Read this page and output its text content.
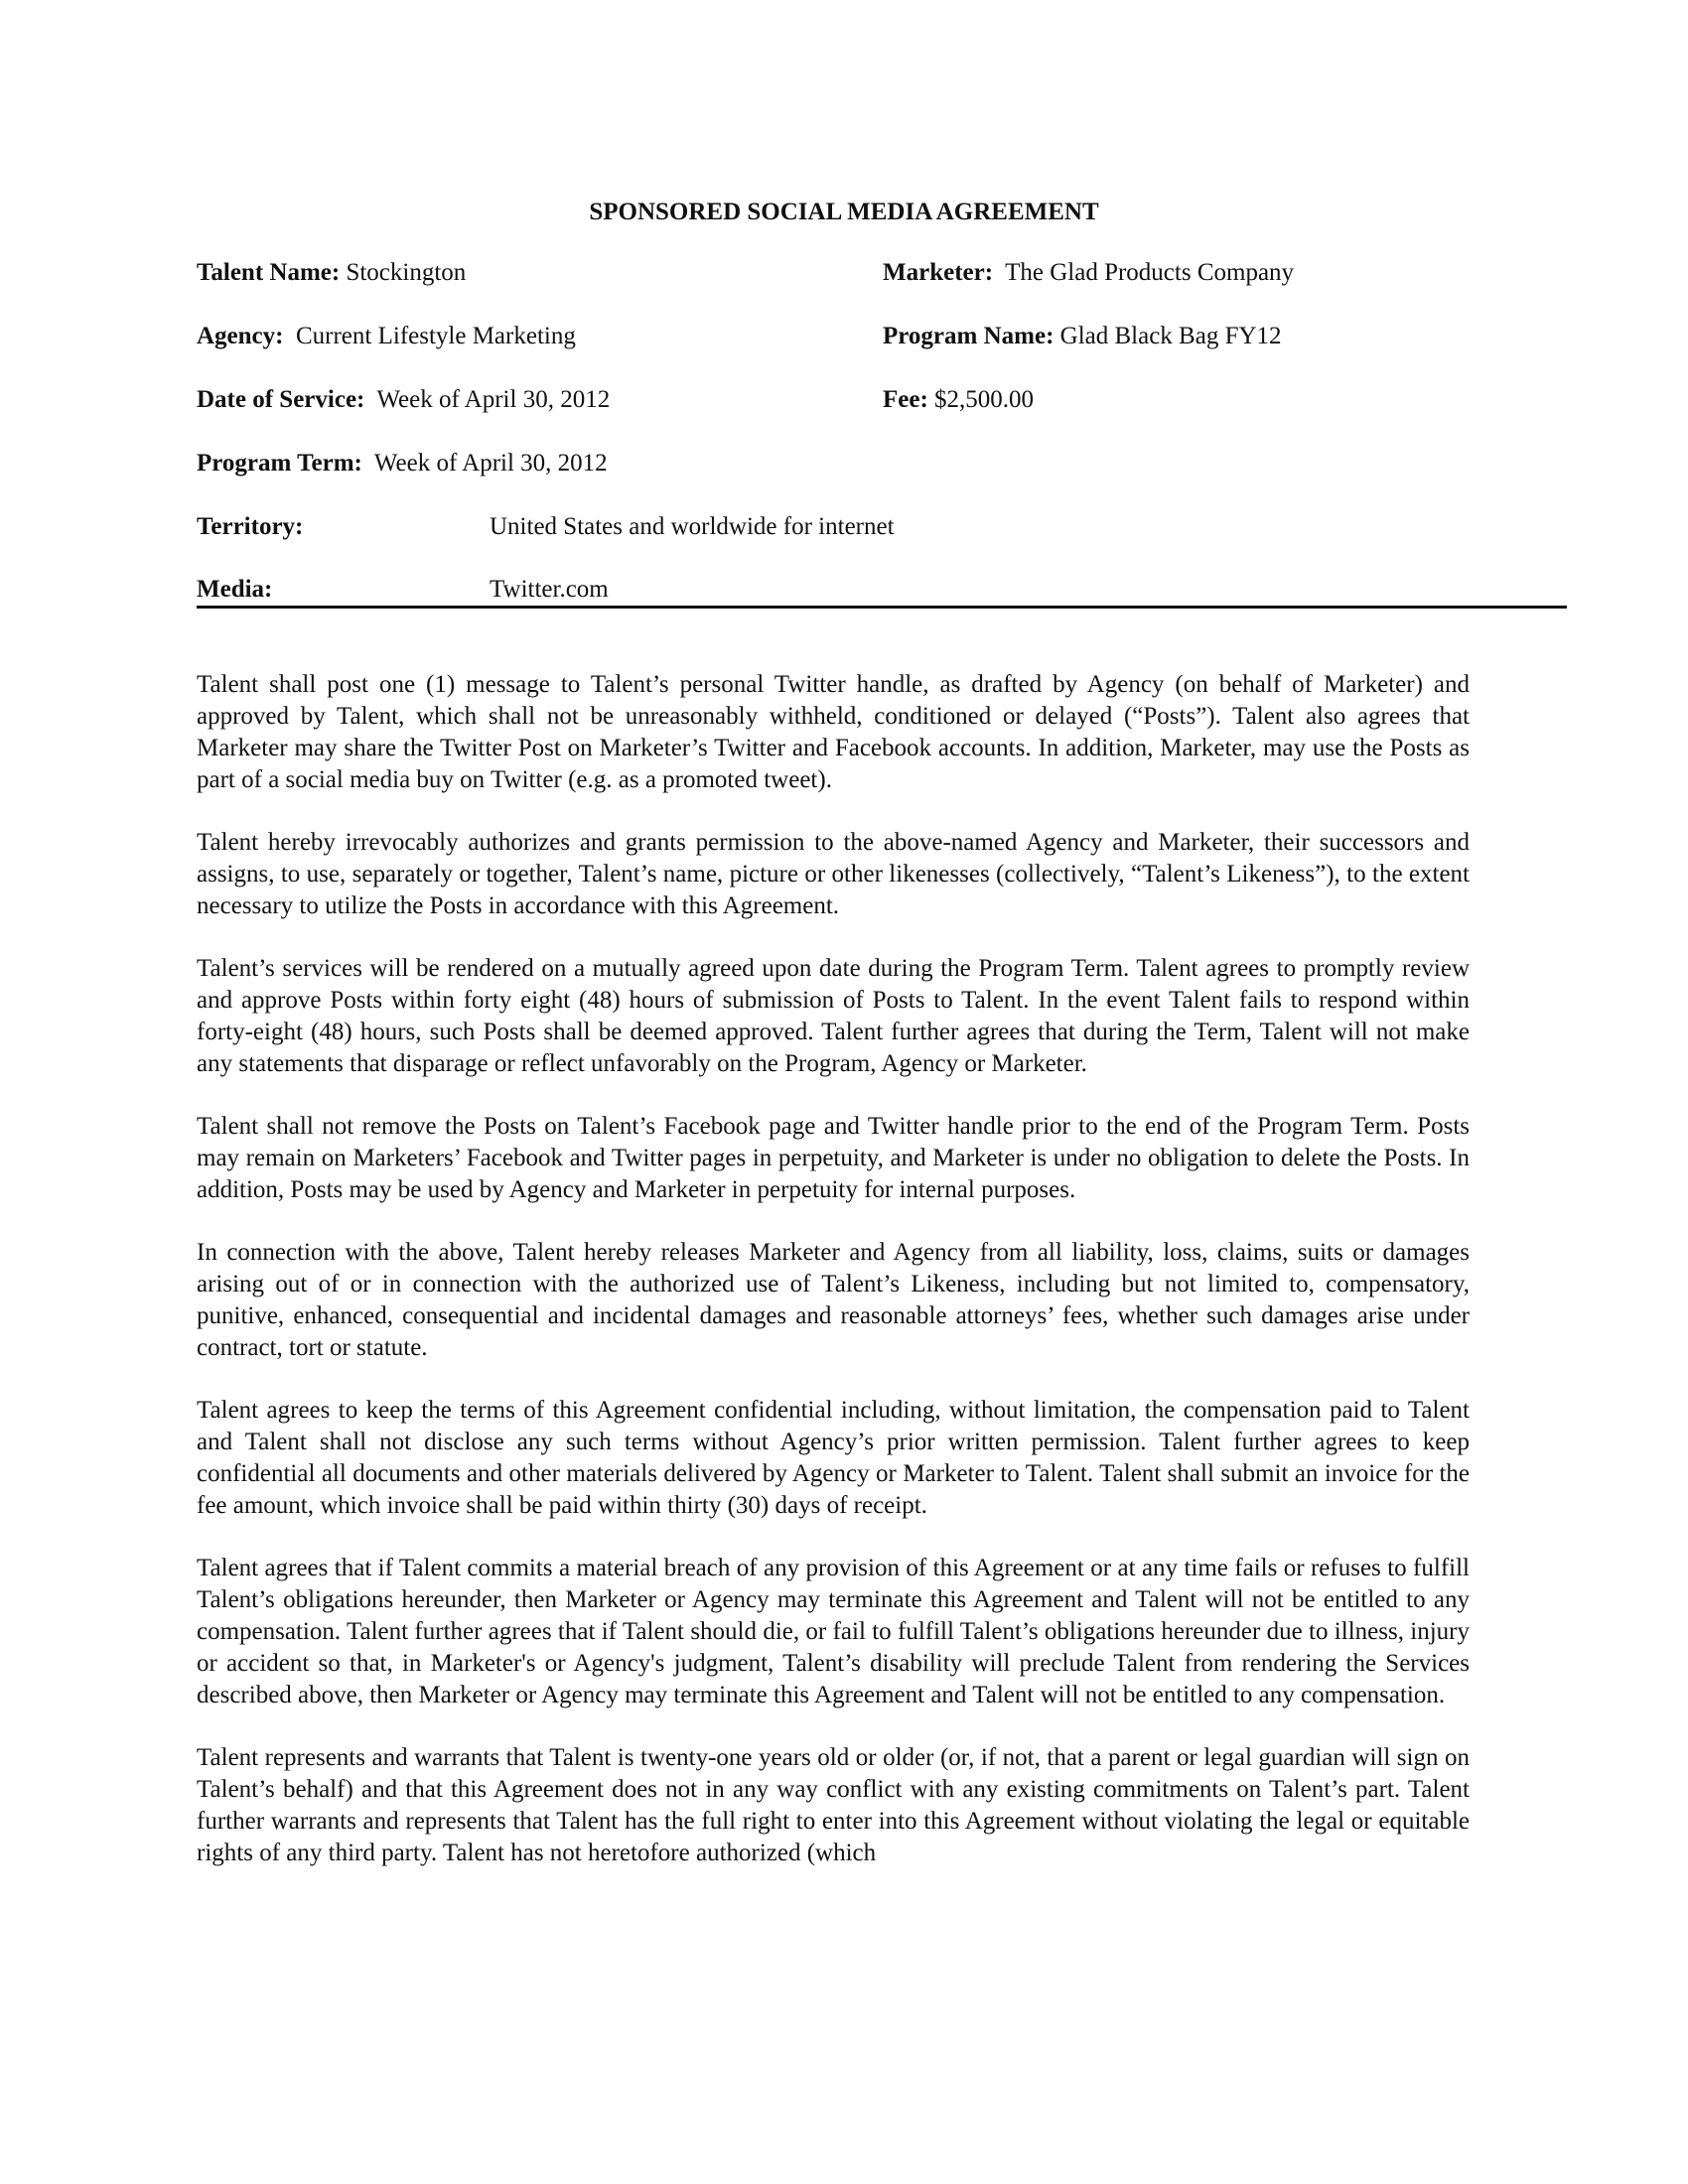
SPONSORED SOCIAL MEDIA AGREEMENT
Talent Name: Stockington	Marketer: The Glad Products Company
Agency: Current Lifestyle Marketing	Program Name: Glad Black Bag FY12
Date of Service: Week of April 30, 2012	Fee: $2,500.00
Program Term: Week of April 30, 2012
Territory:	United States and worldwide for internet
Media:	Twitter.com

Talent shall post one (1) message to Talent’s personal Twitter handle, as drafted by Agency (on behalf of Marketer) and approved by Talent, which shall not be unreasonably withheld, conditioned or delayed (“Posts”). Talent also agrees that Marketer may share the Twitter Post on Marketer’s Twitter and Facebook accounts. In addition, Marketer, may use the Posts as part of a social media buy on Twitter (e.g. as a promoted tweet).

Talent hereby irrevocably authorizes and grants permission to the above-named Agency and Marketer, their successors and assigns, to use, separately or together, Talent’s name, picture or other likenesses (collectively, “Talent’s Likeness”), to the extent necessary to utilize the Posts in accordance with this Agreement.

Talent’s services will be rendered on a mutually agreed upon date during the Program Term. Talent agrees to promptly review and approve Posts within forty eight (48) hours of submission of Posts to Talent. In the event Talent fails to respond within forty-eight (48) hours, such Posts shall be deemed approved. Talent further agrees that during the Term, Talent will not make any statements that disparage or reflect unfavorably on the Program, Agency or Marketer.

Talent shall not remove the Posts on Talent’s Facebook page and Twitter handle prior to the end of the Program Term. Posts may remain on Marketers’ Facebook and Twitter pages in perpetuity, and Marketer is under no obligation to delete the Posts. In addition, Posts may be used by Agency and Marketer in perpetuity for internal purposes.

In connection with the above, Talent hereby releases Marketer and Agency from all liability, loss, claims, suits or damages arising out of or in connection with the authorized use of Talent’s Likeness, including but not limited to, compensatory, punitive, enhanced, consequential and incidental damages and reasonable attorneys’ fees, whether such damages arise under contract, tort or statute.

Talent agrees to keep the terms of this Agreement confidential including, without limitation, the compensation paid to Talent and Talent shall not disclose any such terms without Agency’s prior written permission. Talent further agrees to keep confidential all documents and other materials delivered by Agency or Marketer to Talent. Talent shall submit an invoice for the fee amount, which invoice shall be paid within thirty (30) days of receipt.

Talent agrees that if Talent commits a material breach of any provision of this Agreement or at any time fails or refuses to fulfill Talent’s obligations hereunder, then Marketer or Agency may terminate this Agreement and Talent will not be entitled to any compensation. Talent further agrees that if Talent should die, or fail to fulfill Talent’s obligations hereunder due to illness, injury or accident so that, in Marketer's or Agency's judgment, Talent’s disability will preclude Talent from rendering the Services described above, then Marketer or Agency may terminate this Agreement and Talent will not be entitled to any compensation.

Talent represents and warrants that Talent is twenty-one years old or older (or, if not, that a parent or legal guardian will sign on Talent’s behalf) and that this Agreement does not in any way conflict with any existing commitments on Talent’s part. Talent further warrants and represents that Talent has the full right to enter into this Agreement without violating the legal or equitable rights of any third party. Talent has not heretofore authorized (which
